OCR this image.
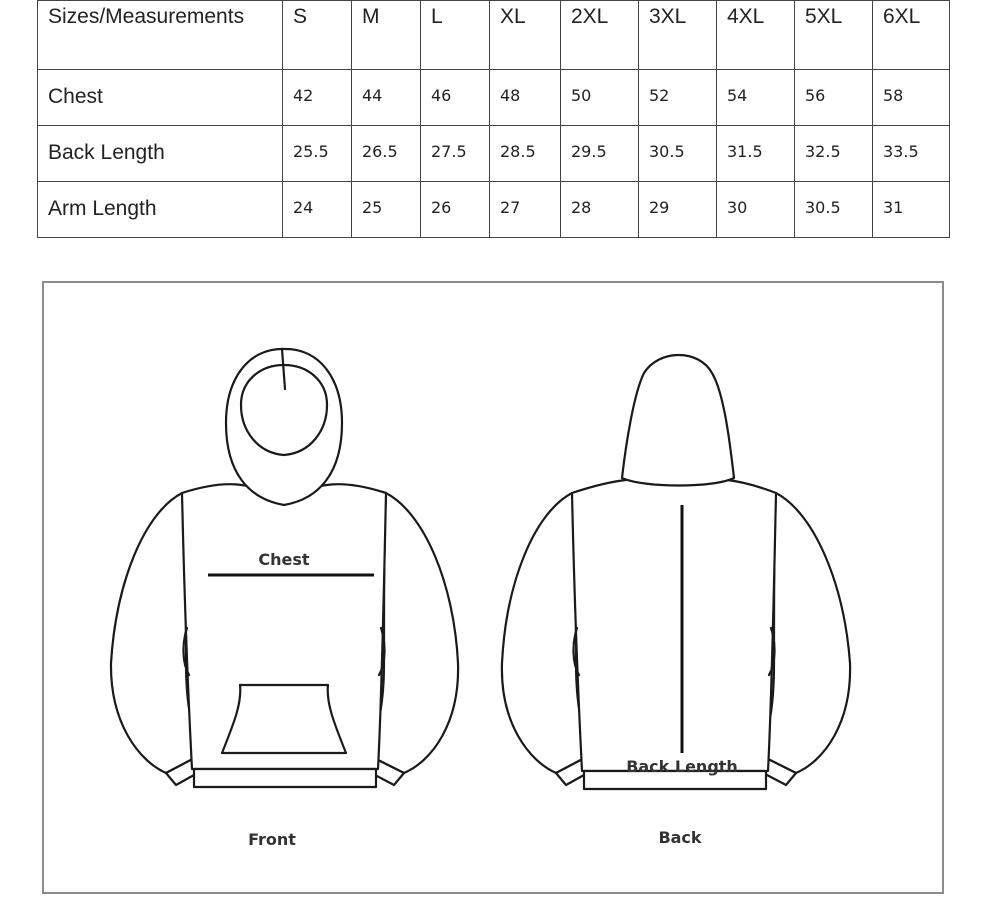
Sizes/Measurements	S	M	L	XL	2XL	3XL	4XL	5XL	6XL
Chest	42	44	46	48	50	52	54	56	58
Back Length	25.5	26.5	27.5	28.5	29.5	30.5	31.5	32.5	33.5
Arm Length	24	25	26	27	28	29	30	30.5	31
Chest
Back Length
Front	Back
